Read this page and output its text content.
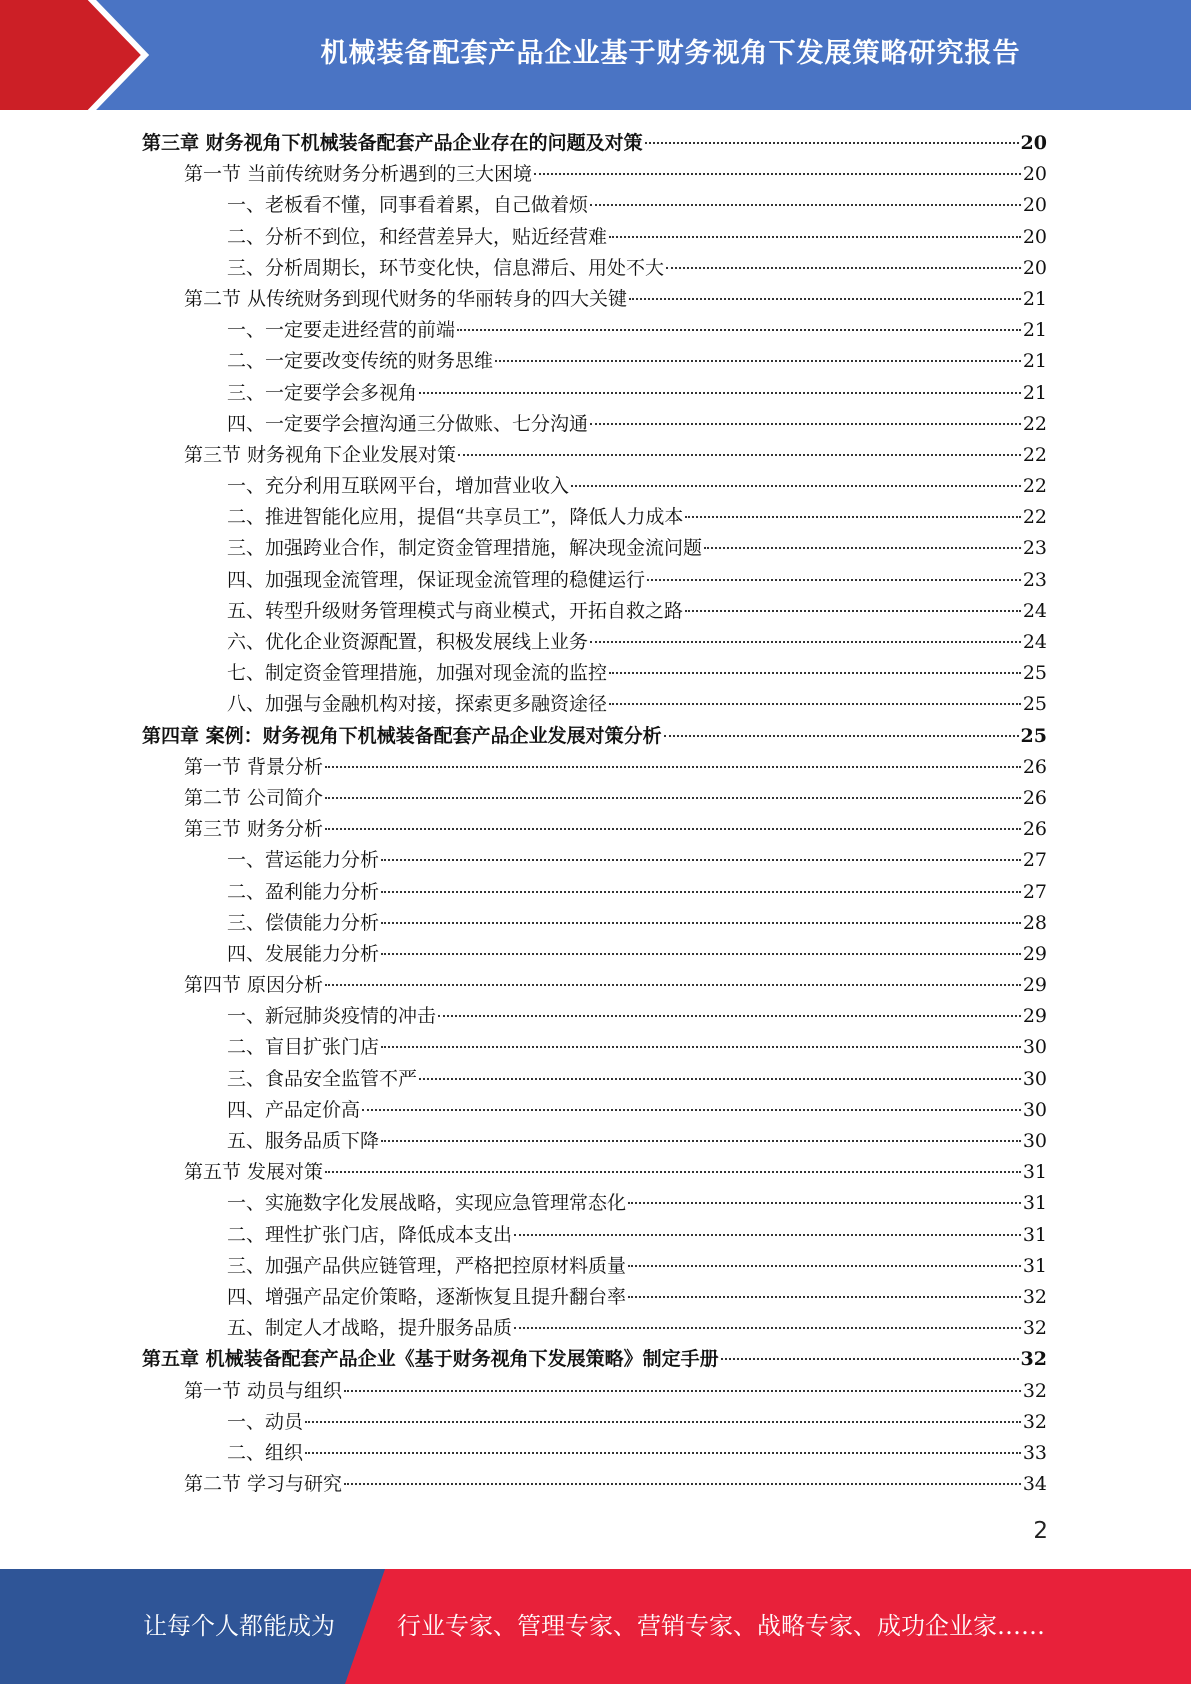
机械装备配套产品企业基于财务视角下发展策略研究报告
第三章 财务视角下机械装备配套产品企业存在的问题及对策	20
第一节 当前传统财务分析遇到的三大困境	20
一、老板看不懂，同事看着累，自己做着烦	20
二、分析不到位，和经营差异大，贴近经营难	20
三、分析周期长，环节变化快，信息滞后、用处不大	20
第二节 从传统财务到现代财务的华丽转身的四大关键	21
一、一定要走进经营的前端	21
二、一定要改变传统的财务思维	21
三、一定要学会多视角	21
四、一定要学会擅沟通三分做账、七分沟通	22
第三节 财务视角下企业发展对策	22
一、充分利用互联网平台，增加营业收入	22
二、推进智能化应用，提倡“共享员工”，降低人力成本	22
三、加强跨业合作，制定资金管理措施，解决现金流问题	23
四、加强现金流管理，保证现金流管理的稳健运行	23
五、转型升级财务管理模式与商业模式，开拓自救之路	24
六、优化企业资源配置，积极发展线上业务	24
七、制定资金管理措施，加强对现金流的监控	25
八、加强与金融机构对接，探索更多融资途径	25
第四章 案例：财务视角下机械装备配套产品企业发展对策分析	25
第一节 背景分析	26
第二节 公司简介	26
第三节 财务分析	26
一、营运能力分析	27
二、盈利能力分析	27
三、偿债能力分析	28
四、发展能力分析	29
第四节 原因分析	29
一、新冠肺炎疫情的冲击	29
二、盲目扩张门店	30
三、食品安全监管不严	30
四、产品定价高	30
五、服务品质下降	30
第五节 发展对策	31
一、实施数字化发展战略，实现应急管理常态化	31
二、理性扩张门店，降低成本支出	31
三、加强产品供应链管理，严格把控原材料质量	31
四、增强产品定价策略，逐渐恢复且提升翻台率	32
五、制定人才战略，提升服务品质	32
第五章 机械装备配套产品企业《基于财务视角下发展策略》制定手册	32
第一节 动员与组织	32
一、动员	32
二、组织	33
第二节 学习与研究	34
2
让每个人都能成为	行业专家、管理专家、营销专家、战略专家、成功企业家……
